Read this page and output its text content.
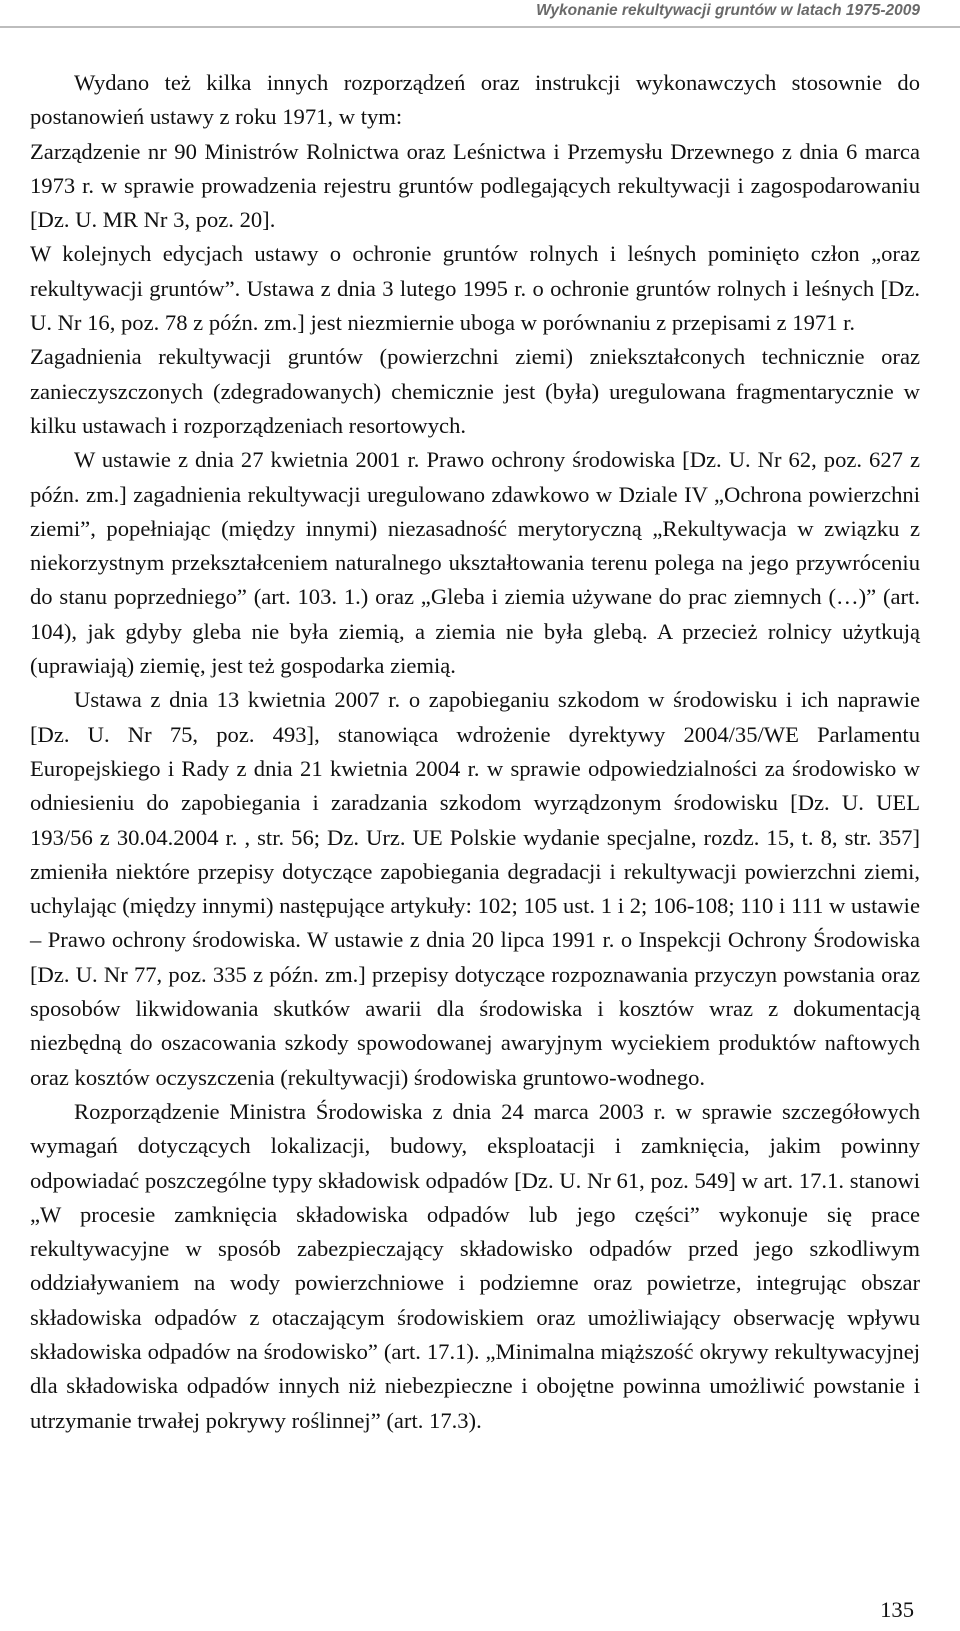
Wykonanie rekultywacji gruntów w latach 1975-2009

Wydano też kilka innych rozporządzeń oraz instrukcji wykonawczych stosownie do postanowień ustawy z roku 1971, w tym:

Zarządzenie nr 90 Ministrów Rolnictwa oraz Leśnictwa i Przemysłu Drzewnego z dnia 6 marca 1973 r. w sprawie prowadzenia rejestru gruntów podlegających rekultywacji i zagospodarowaniu [Dz. U. MR Nr 3, poz. 20].

W kolejnych edycjach ustawy o ochronie gruntów rolnych i leśnych pominięto człon „oraz rekultywacji gruntów”. Ustawa z dnia 3 lutego 1995 r. o ochronie gruntów rolnych i leśnych [Dz. U. Nr 16, poz. 78 z późn. zm.] jest niezmiernie uboga w porównaniu z przepisami z 1971 r.

Zagadnienia rekultywacji gruntów (powierzchni ziemi) zniekształconych technicznie oraz zanieczyszczonych (zdegradowanych) chemicznie jest (była) uregulowana fragmentarycznie w kilku ustawach i rozporządzeniach resortowych.

W ustawie z dnia 27 kwietnia 2001 r. Prawo ochrony środowiska [Dz. U. Nr 62, poz. 627 z późn. zm.] zagadnienia rekultywacji uregulowano zdawkowo w Dziale IV „Ochrona powierzchni ziemi”, popełniając (między innymi) niezasadność merytoryczną „Rekultywacja w związku z niekorzystnym przekształceniem naturalnego ukształtowania terenu polega na jego przywróceniu do stanu poprzedniego” (art. 103. 1.) oraz „Gleba i ziemia używane do prac ziemnych (…)” (art. 104), jak gdyby gleba nie była ziemią, a ziemia nie była glebą. A przecież rolnicy użytkują (uprawiają) ziemię, jest też gospodarka ziemią.

Ustawa z dnia 13 kwietnia 2007 r. o zapobieganiu szkodom w środowisku i ich naprawie [Dz. U. Nr 75, poz. 493], stanowiąca wdrożenie dyrektywy 2004/35/WE Parlamentu Europejskiego i Rady z dnia 21 kwietnia 2004 r. w sprawie odpowiedzialności za środowisko w odniesieniu do zapobiegania i zaradzania szkodom wyrządzonym środowisku [Dz. U. UEL 193/56 z 30.04.2004 r. , str. 56; Dz. Urz. UE Polskie wydanie specjalne, rozdz. 15, t. 8, str. 357] zmieniła niektóre przepisy dotyczące zapobiegania degradacji i rekultywacji powierzchni ziemi, uchylając (między innymi) następujące artykuły: 102; 105 ust. 1 i 2; 106-108; 110 i 111 w ustawie – Prawo ochrony środowiska. W ustawie z dnia 20 lipca 1991 r. o Inspekcji Ochrony Środowiska [Dz. U. Nr 77, poz. 335 z późn. zm.] przepisy dotyczące rozpoznawania przyczyn powstania oraz sposobów likwidowania skutków awarii dla środowiska i kosztów wraz z dokumentacją niezbędną do oszacowania szkody spowodowanej awaryjnym wyciekiem produktów naftowych oraz kosztów oczyszczenia (rekultywacji) środowiska gruntowo-wodnego.

Rozporządzenie Ministra Środowiska z dnia 24 marca 2003 r. w sprawie szczegółowych wymagań dotyczących lokalizacji, budowy, eksploatacji i zamknięcia, jakim powinny odpowiadać poszczególne typy składowisk odpadów [Dz. U. Nr 61, poz. 549] w art. 17.1. stanowi „W procesie zamknięcia składowiska odpadów lub jego części” wykonuje się prace rekultywacyjne w sposób zabezpieczający składowisko odpadów przed jego szkodliwym oddziaływaniem na wody powierzchniowe i podziemne oraz powietrze, integrując obszar składowiska odpadów z otaczającym środowiskiem oraz umożliwiający obserwację wpływu składowiska odpadów na środowisko” (art. 17.1). „Minimalna miąższość okrywy rekultywacyjnej dla składowiska odpadów innych niż niebezpieczne i obojętne powinna umożliwić powstanie i utrzymanie trwałej pokrywy roślinnej” (art. 17.3).

135
